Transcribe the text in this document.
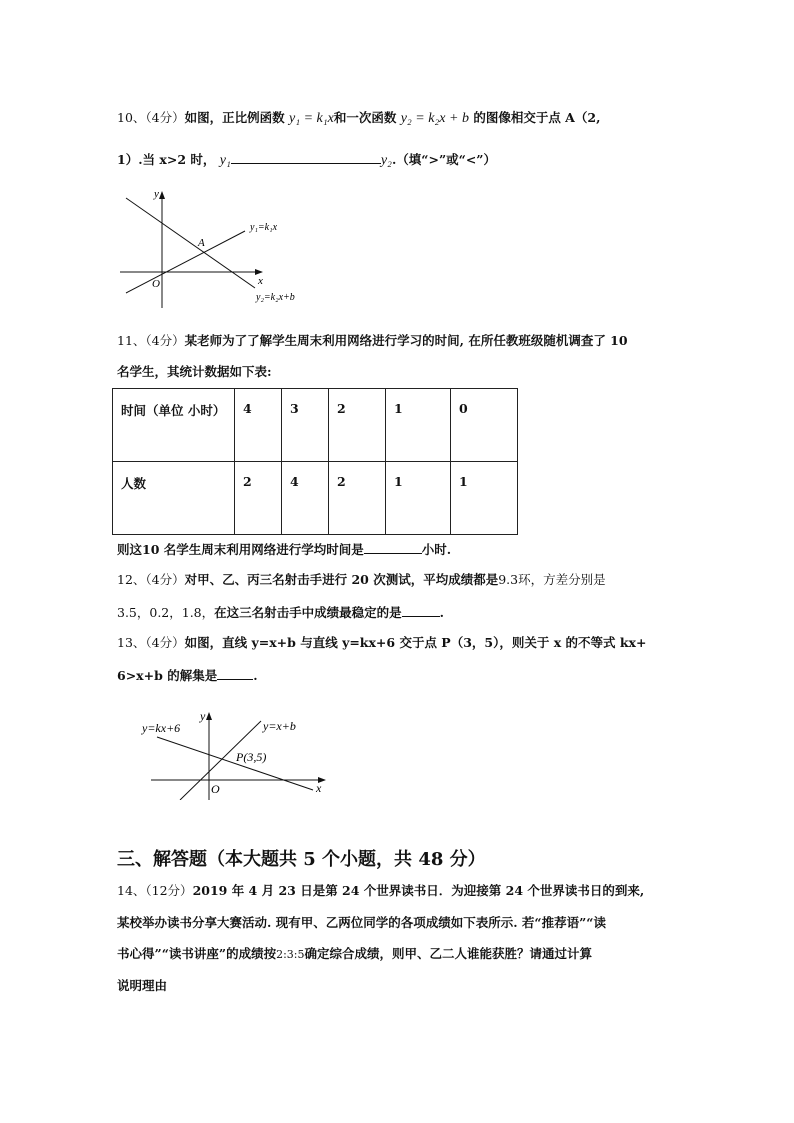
10、（4分）如图，正比例函数 y₁ = k₁x和一次函数 y₂ = k₂x + b 的图像相交于点 A（2,
1）.当 x>2 时， y₁	y₂.（填“>”或“<”）
y
A
y₁=k₁x
O	x
y₂=k₂x+b
11、（4分）某老师为了了解学生周末利用网络进行学习的时间, 在所任教班级随机调查了 10
名学生，其统计数据如下表:
时间（单位 小时）	4	3	2	1	0
人数	2	4	2	1	1
则这10 名学生周末利用网络进行学均时间是	小时.
12、（4分）对甲、乙、丙三名射击手进行 20 次测试，平均成绩都是9.3环，方差分别是
3.5，0.2，1.8，在这三名射击手中成绩最稳定的是	.
13、（4分）如图，直线 y=x+b 与直线 y=kx+6 交于点 P（3，5），则关于 x 的不等式 kx+
6>x+b 的解集是	.
y=kx+6
y
y=x+b
P(3,5)
O	x
三、解答题（本大题共 5 个小题，共 48 分）
14、（12分）2019 年 4 月 23 日是第 24 个世界读书日．为迎接第 24 个世界读书日的到来,
某校举办读书分享大赛活动. 现有甲、乙两位同学的各项成绩如下表所示. 若“推荐语”“读
书心得”“读书讲座”的成绩按2:3:5确定综合成绩，则甲、乙二人谁能获胜？请通过计算
说明理由
